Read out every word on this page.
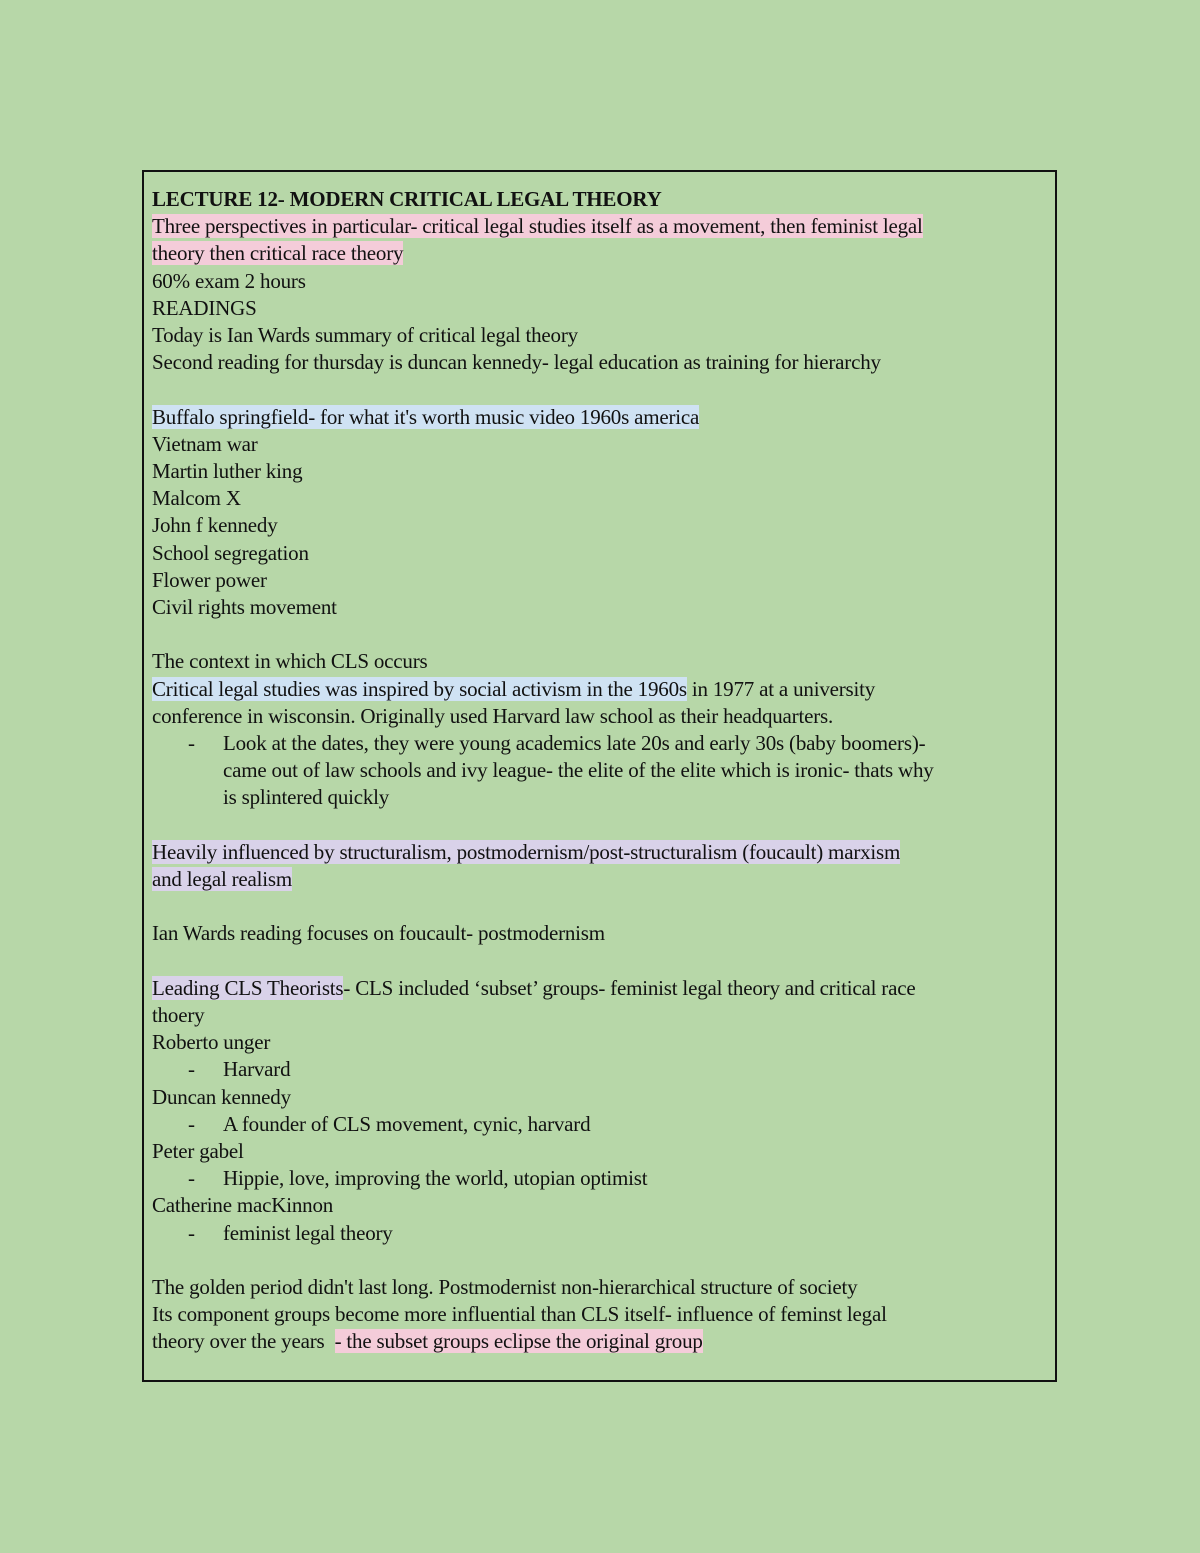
LECTURE 12- MODERN CRITICAL LEGAL THEORY
Three perspectives in particular- critical legal studies itself as a movement, then feminist legal
theory then critical race theory
60% exam 2 hours
READINGS
Today is Ian Wards summary of critical legal theory
Second reading for thursday is duncan kennedy- legal education as training for hierarchy
Buffalo springfield- for what it's worth music video 1960s america
Vietnam war
Martin luther king
Malcom X
John f kennedy
School segregation
Flower power
Civil rights movement
The context in which CLS occurs
Critical legal studies was inspired by social activism in the 1960s in 1977 at a university
conference in wisconsin. Originally used Harvard law school as their headquarters.
- Look at the dates, they were young academics late 20s and early 30s (baby boomers)-
came out of law schools and ivy league- the elite of the elite which is ironic- thats why
is splintered quickly
Heavily influenced by structuralism, postmodernism/post-structuralism (foucault) marxism
and legal realism
Ian Wards reading focuses on foucault- postmodernism
Leading CLS Theorists- CLS included ‘subset’ groups- feminist legal theory and critical race
thoery
Roberto unger
- Harvard
Duncan kennedy
- A founder of CLS movement, cynic, harvard
Peter gabel
- Hippie, love, improving the world, utopian optimist
Catherine macKinnon
- feminist legal theory
The golden period didn't last long. Postmodernist non-hierarchical structure of society
Its component groups become more influential than CLS itself- influence of feminst legal
theory over the years  - the subset groups eclipse the original group
